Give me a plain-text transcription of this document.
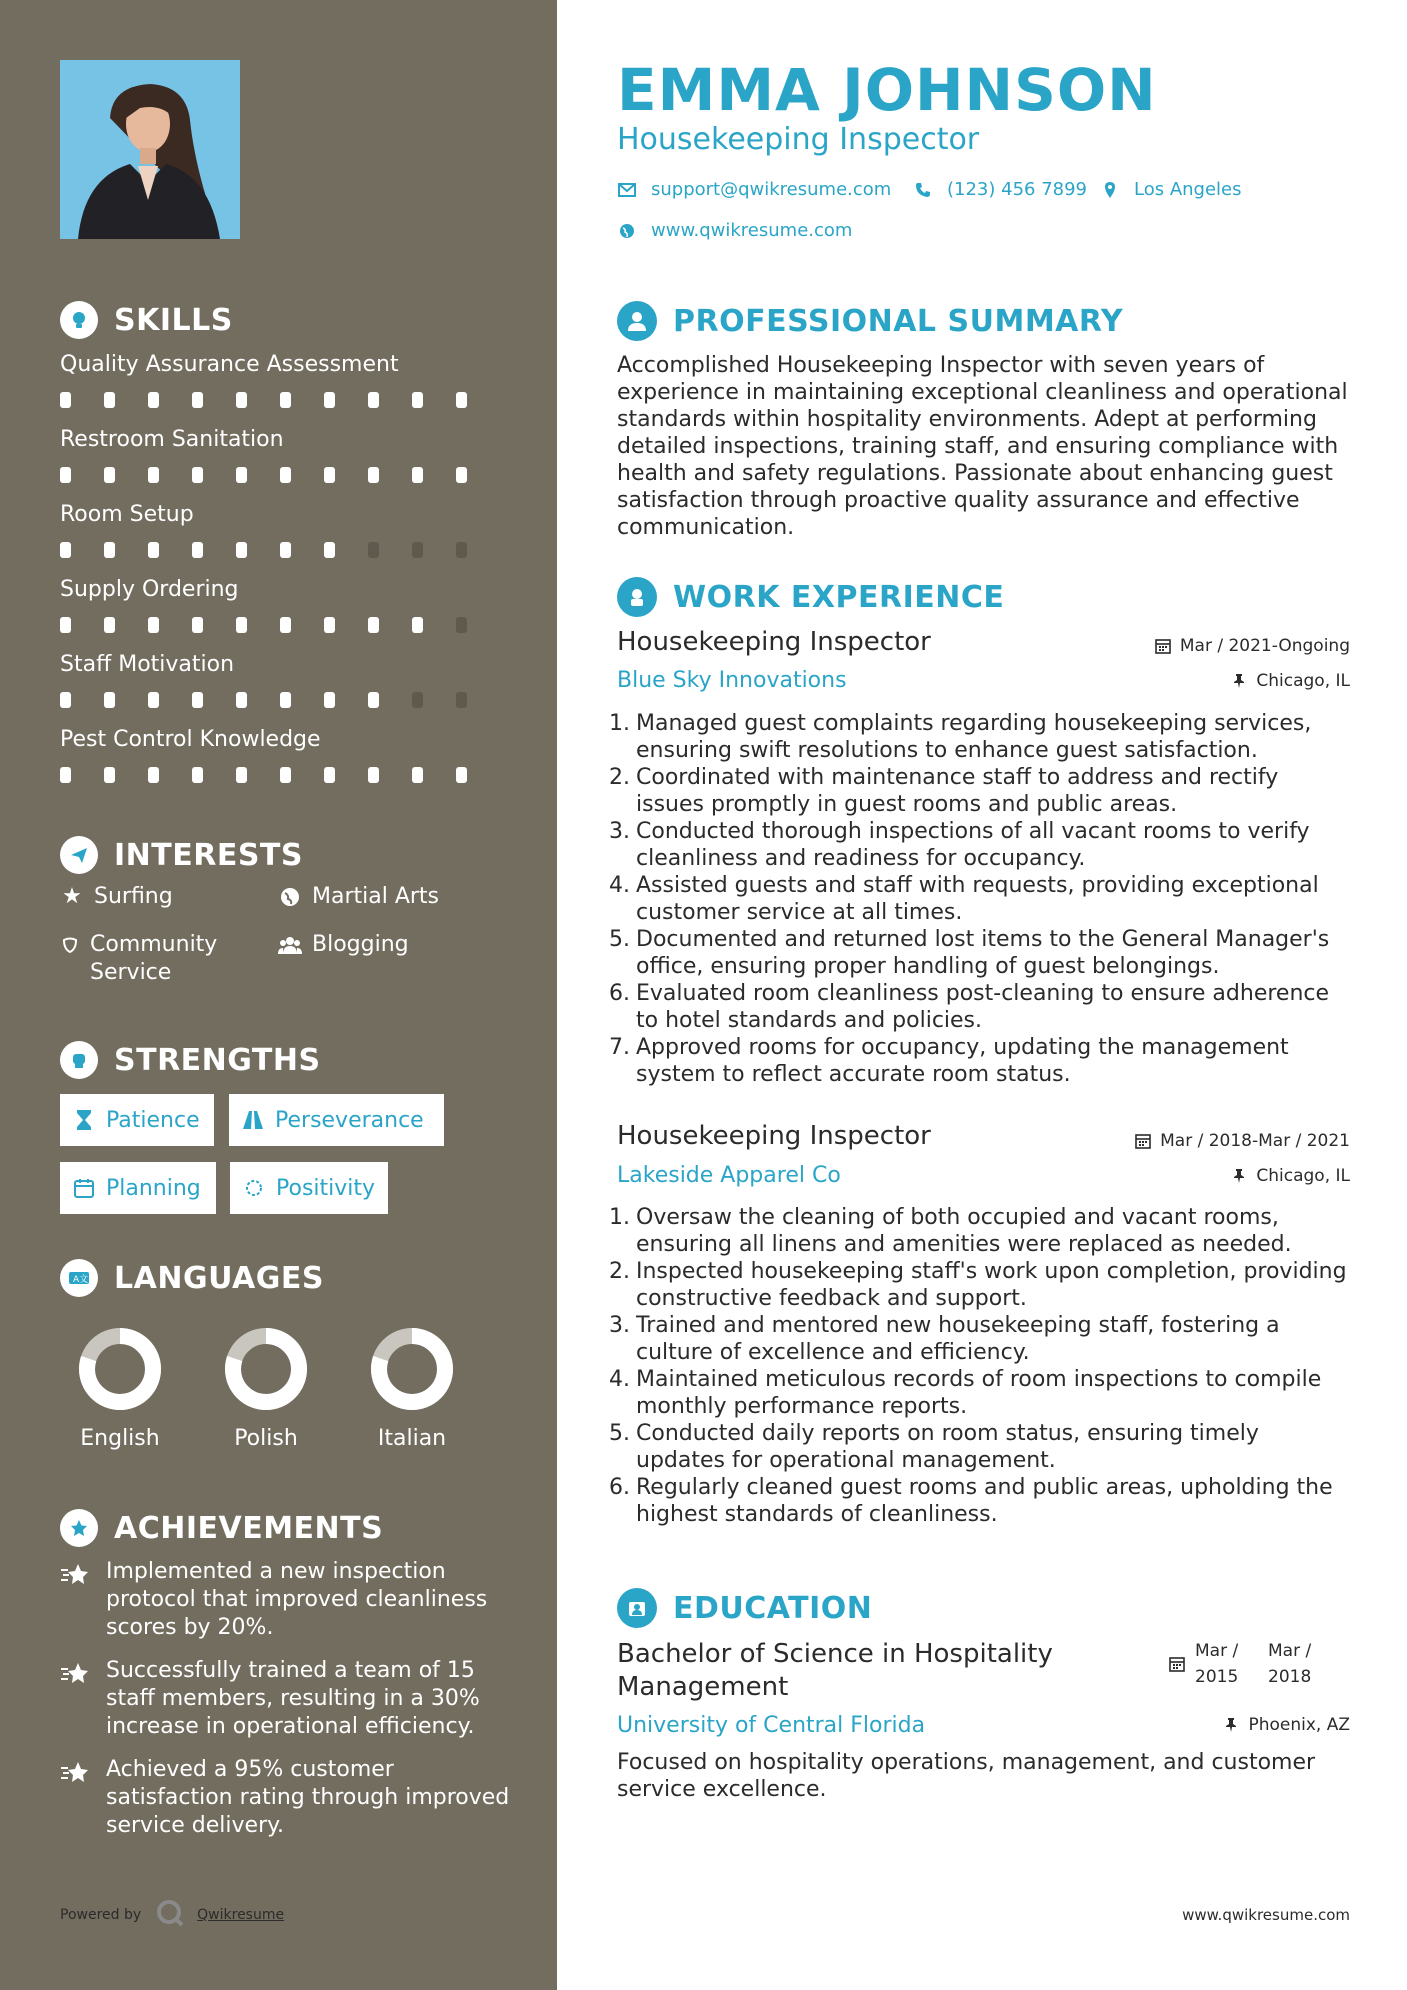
SKILLS
Quality Assurance Assessment
Restroom Sanitation
Room Setup
Supply Ordering
Staff Motivation
Pest Control Knowledge
INTERESTS
★ Surfing	Martial Arts
Community Service
Blogging
STRENGTHS
Patience	Perseverance
Planning	Positivity
A文 LANGUAGES
English	Polish	Italian
ACHIEVEMENTS
Implemented a new inspection protocol that improved cleanliness scores by 20%.
Successfully trained a team of 15 staff members, resulting in a 30% increase in operational efficiency.
Achieved a 95% customer satisfaction rating through improved service delivery.
Powered by	Qwikresume
EMMA JOHNSON
Housekeeping Inspector
support@qwikresume.com	(123) 456 7899	Los Angeles
www.qwikresume.com
PROFESSIONAL SUMMARY
Accomplished Housekeeping Inspector with seven years of experience in maintaining exceptional cleanliness and operational standards within hospitality environments. Adept at performing detailed inspections, training staff, and ensuring compliance with health and safety regulations. Passionate about enhancing guest satisfaction through proactive quality assurance and effective communication.
WORK EXPERIENCE
Housekeeping Inspector	Mar / 2021-Ongoing
Blue Sky Innovations	Chicago, IL
1. Managed guest complaints regarding housekeeping services, ensuring swift resolutions to enhance guest satisfaction.
2. Coordinated with maintenance staff to address and rectify issues promptly in guest rooms and public areas.
3. Conducted thorough inspections of all vacant rooms to verify cleanliness and readiness for occupancy.
4. Assisted guests and staff with requests, providing exceptional customer service at all times.
5. Documented and returned lost items to the General Manager's office, ensuring proper handling of guest belongings.
6. Evaluated room cleanliness post-cleaning to ensure adherence to hotel standards and policies.
7. Approved rooms for occupancy, updating the management system to reflect accurate room status.
Housekeeping Inspector	Mar / 2018-Mar / 2021
Lakeside Apparel Co	Chicago, IL
1. Oversaw the cleaning of both occupied and vacant rooms, ensuring all linens and amenities were replaced as needed.
2. Inspected housekeeping staff's work upon completion, providing constructive feedback and support.
3. Trained and mentored new housekeeping staff, fostering a culture of excellence and efficiency.
4. Maintained meticulous records of room inspections to compile monthly performance reports.
5. Conducted daily reports on room status, ensuring timely updates for operational management.
6. Regularly cleaned guest rooms and public areas, upholding the highest standards of cleanliness.
EDUCATION
Bachelor of Science in Hospitality Management
Mar /
2015
Mar /
2018
University of Central Florida	Phoenix, AZ
Focused on hospitality operations, management, and customer service excellence.
www.qwikresume.com
